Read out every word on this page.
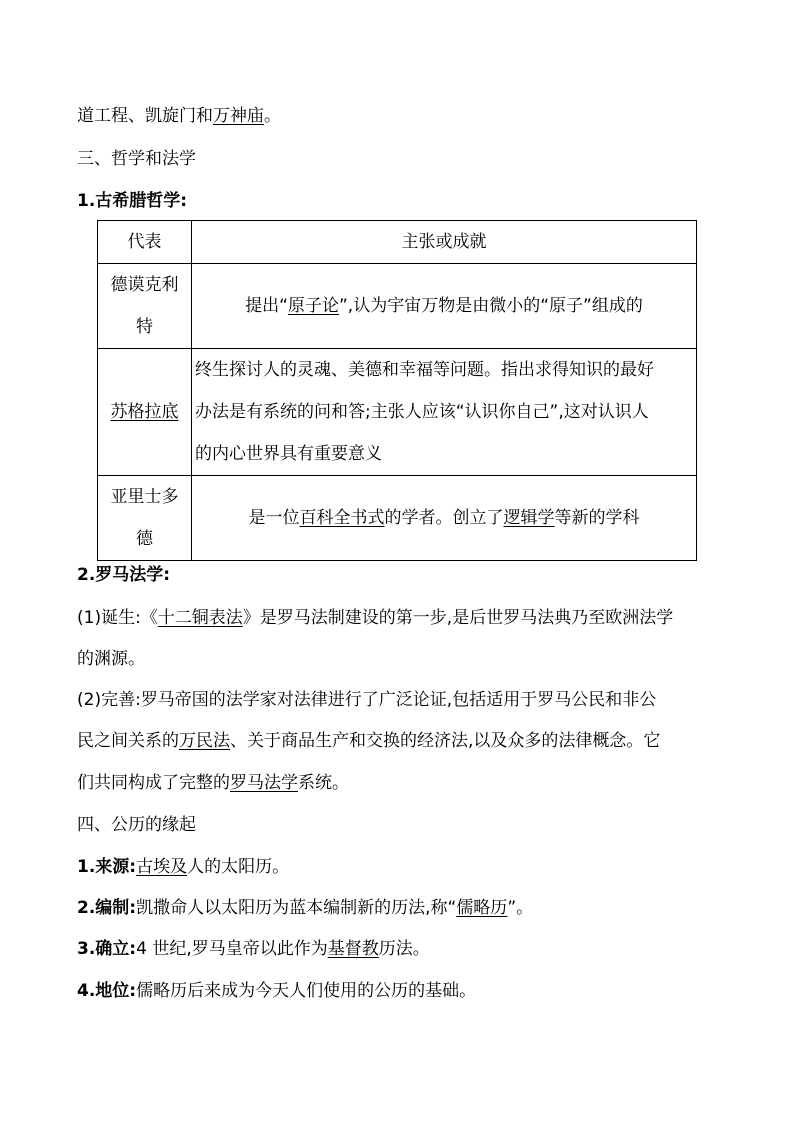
道工程、凯旋门和万神庙。
三、哲学和法学
1.古希腊哲学:
代表	主张或成就

德谟克利
特	提出“原子论”,认为宇宙万物是由微小的“原子”组成的
苏格拉底	终生探讨人的灵魂、美德和幸福等问题。指出求得知识的最好
办法是有系统的问和答;主张人应该“认识你自己”,这对认识人
的内心世界具有重要意义

亚里士多
德	是一位百科全书式的学者。创立了逻辑学等新的学科
2.罗马法学:
(1)诞生:《十二铜表法》是罗马法制建设的第一步,是后世罗马法典乃至欧洲法学
的渊源。
(2)完善:罗马帝国的法学家对法律进行了广泛论证,包括适用于罗马公民和非公
民之间关系的万民法、关于商品生产和交换的经济法,以及众多的法律概念。它
们共同构成了完整的罗马法学系统。
四、公历的缘起
1.来源:古埃及人的太阳历。
2.编制:凯撒命人以太阳历为蓝本编制新的历法,称“儒略历”。
3.确立:4 世纪,罗马皇帝以此作为基督教历法。
4.地位:儒略历后来成为今天人们使用的公历的基础。
